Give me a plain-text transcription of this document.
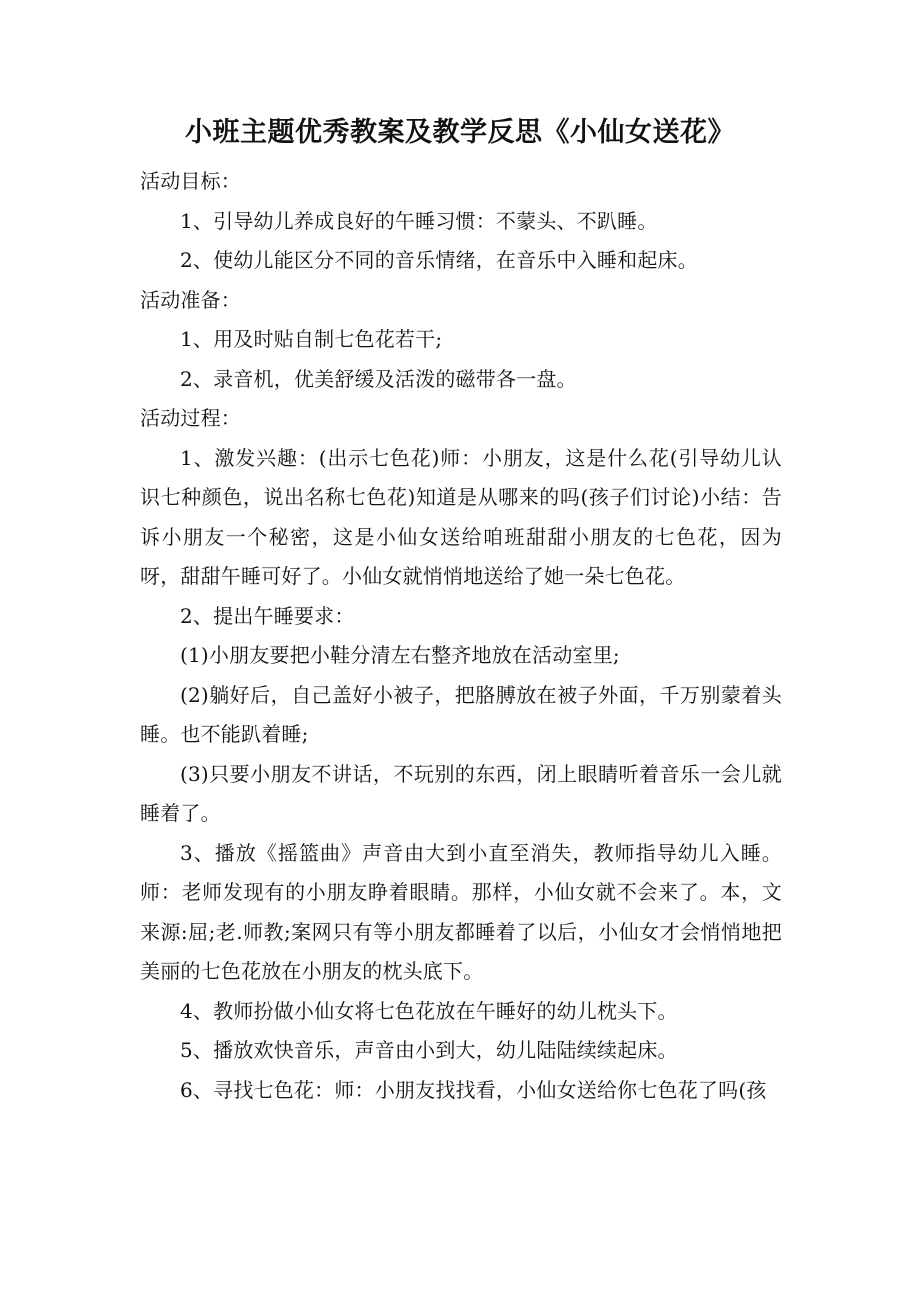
小班主题优秀教案及教学反思《小仙女送花》

活动目标：

1、引导幼儿养成良好的午睡习惯：不蒙头、不趴睡。

2、使幼儿能区分不同的音乐情绪，在音乐中入睡和起床。

活动准备：

1、用及时贴自制七色花若干;

2、录音机，优美舒缓及活泼的磁带各一盘。

活动过程：

1、激发兴趣：(出示七色花)师：小朋友，这是什么花(引导幼儿认识七种颜色，说出名称七色花)知道是从哪来的吗(孩子们讨论)小结：告诉小朋友一个秘密，这是小仙女送给咱班甜甜小朋友的七色花，因为呀，甜甜午睡可好了。小仙女就悄悄地送给了她一朵七色花。

2、提出午睡要求：

(1)小朋友要把小鞋分清左右整齐地放在活动室里;

(2)躺好后，自己盖好小被子，把胳膊放在被子外面，千万别蒙着头睡。也不能趴着睡;

(3)只要小朋友不讲话，不玩别的东西，闭上眼睛听着音乐一会儿就睡着了。

3、播放《摇篮曲》声音由大到小直至消失，教师指导幼儿入睡。师：老师发现有的小朋友睁着眼睛。那样，小仙女就不会来了。本，文来源:屈;老.师教;案网只有等小朋友都睡着了以后，小仙女才会悄悄地把美丽的七色花放在小朋友的枕头底下。

4、教师扮做小仙女将七色花放在午睡好的幼儿枕头下。

5、播放欢快音乐，声音由小到大，幼儿陆陆续续起床。

6、寻找七色花：师：小朋友找找看，小仙女送给你七色花了吗(孩
